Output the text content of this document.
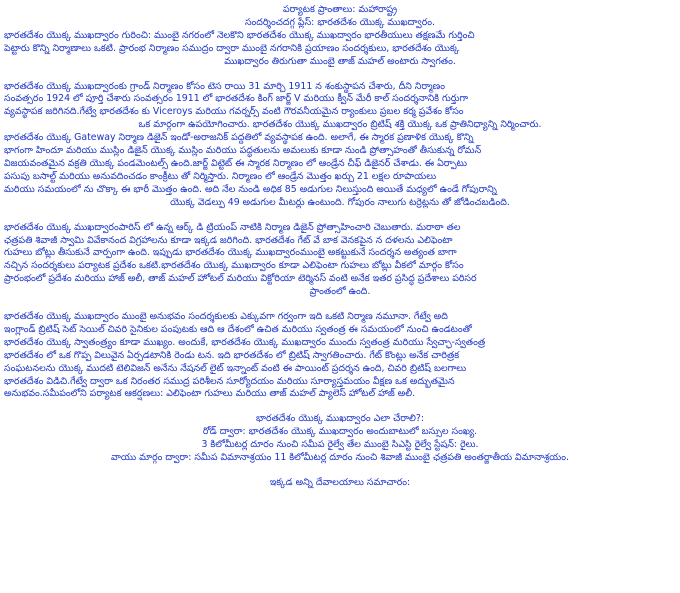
పర్యాటక ప్రాంతాలు: మహారాష్ట్ర

సందర్శించదగ్గ ప్లేస్: భారతదేశం యొక్క ముఖద్వారం.

భారతదేశం యొక్క ముఖద్వారం గురించి: ముంబై నగరంలో నెలకొని భారతదేశం యొక్క ముఖద్వారం భారతీయులు తక్షణమే గుర్తించి

పెట్టారు కొన్ని నిర్మాణాలు ఒకటి. ప్రారంభ నిర్మాణం సముద్రం ద్వారా ముంబై నగరానికి ప్రయాణం సందర్శకులు, భారతదేశం యొక్క

ముఖద్వారం తిరుగుతా ముంబై తాజ్ మహల్ అంటారు స్వాగతం.

భారతదేశం యొక్క ముఖద్వారంకు గ్రాండ్ నిర్మాణం కోసం టెస రాయి 31 మార్చి 1911 న శంకుస్థాపన చేశారు, దీని నిర్మాణం

సంవత్సరం 1924 లో పూర్తి చేశారు సంవత్సరం 1911 లో భారతదేశం కింగ్ జార్జ్ V మరియు క్వీన్ మేరీ కాల్ సందర్శనానికి గుర్తుగా

వ్యవస్థాపక జరిగినది.గేట్వే భారతదేశం కు Viceroys మరియు గవర్నర్స్ వంటి గౌరవనీయమైన ర్యాంకులు ప్రబల కర్మ ప్రవేశం కోసం

ఒక మార్గంగా ఉపయోగించారు. భారతదేశం యొక్క ముఖద్వారం బ్రిటిష్ శక్తి యొక్క ఒక ప్రాతినిధ్యాన్ని నిర్మించారు.

భారతదేశం యొక్క Gateway నిర్మాణ డిజైన్ ఇండో-అరాజనిక్ పద్దతిలో వ్యవస్థాపక ఉంది. అలాగే, ఈ స్మారక ప్రణాళిక యొక్క కొన్ని

భాగంగా హిందూ మరియు ముస్లిం డిజైన్ యొక్క ముస్లిం మరియు పద్ధతులను అమలుకు కూడా నుండి ప్రోత్సాహంతో తీసుకున్న రోమన్

విజయవంతమైన వక్రతి యొక్క పండమెంటల్స్ ఉంది.జార్జ్ విట్టెట్ ఈ స్మారక నిర్మాణం లో ఆండ్రేన చీఫ్ డిజైనర్ చేశాడు. ఈ ఏర్పాటు

పసుపు బసాల్ట్ మరియు అనువదించడం కాంక్రీటు తో నిర్మిస్తారు. నిర్మాణం లో ఆండ్రేన మొత్తం ఖర్చు 21 లక్షల రూపాయలు

మరియు సమయంలో ను చొక్కా ఈ భారీ మొత్తం ఉంది. అది నేల నుండి అధిక 85 అడుగుల నిలుస్తుంది అయితే మధ్యలో ఉండే గోపురాన్ని

యొక్క వెడల్పు 49 అడుగుల మీటర్లు ఉంటుంది. గోపురం నాలుగు టర్రెట్లను తో జోడించబడింది.

భారతదేశం యొక్క ముఖద్వారంపారిస్ లో ఉన్న ఆర్క్ డి ట్రియంప్ నాటికి నిర్మాణ డిజైన్ ప్రోత్సాహించారి చెబుతారు. మరాఠా తల

ఛత్రపతి శివాజీ స్వామి వివేకానంద విగ్రహాలను కూడా ఇక్కడ జరిగింది. భారతదేశం గేట్ వే బాక వెనకపైన న దళలను ఎలిఫెంటా

గుహలు బోట్లు తీసుకునే వార్పంగా ఉంది. ఇప్పుడు భారతదేశం యొక్క ముఖద్వారంముంబై అకట్టుకునే సందర్శన అత్యంత బాగా

నచ్చిన సందర్శకులు పర్యాటక ప్రదేశం ఒకటి.భారతదేశం యొక్క ముఖద్వారం కూడా ఎలిఫెంటా గుహలు బోట్లు వీకలో మార్గం కోసం

ప్రారంభంలో ప్రదేశం మరియు హాజ్ అలీ, తాజ్ మహల్ హోటల్ మరియు విక్టోరియా టెర్మినస్ వంటి అనేక ఇతర ప్రసిద్ధ ప్రదేశాలు పరిసర

ప్రాంతంలో ఉంది.

భారతదేశం యొక్క ముఖద్వారం ముంబై అనుభవం సందర్శకులకు ఎక్కువగా గర్వంగా ఇది ఒకటి నిర్మాణ నమూనా. గేట్వే అది

ఇంగ్లాండ్ బ్రిటిష్ సెట్ సెయిల్ చివరి సైనికుల పంపుటకు ఆది ఆ దేశంలో ఉచిత మరియు స్వతంత్ర ఈ సమయంలో నుంచి ఉండటంతో

భారతదేశం యొక్క స్వాతంత్ర్యం కూడా ముఖ్యం. అందుకే, భారతదేశం యొక్క ముఖద్వారం ముందు స్వతంత్ర మరియు స్వేచ్ఛా-స్వతంత్ర

భారతదేశం లో ఒక గొప్ప విలువైన ఏర్పడటానికి రెండు టన. ఇది భారతదేశం లో బ్రిటిష్ స్వాగతించారు. గేట్ కొంట్లు అనేక చారిత్రక

సంఘటనలను యొక్క ముదటి టెలివిజన్ అనేను నేషనల్ లైట్ ఇన్నాంట్ వంటి ఈ పాయింట్ ప్రదర్శన ఉంది, చివరి బ్రిటిష్ బలగాలు

భారతదేశం విడిచి.గేట్వే ద్వారా ఒక నిరంతర సముద్ర పరిశీలన సూర్యోదయం మరియు సూర్యాస్తమయం వీక్షణ ఒక అద్భుతమైన

అనుభవం.సమీపంలోని పర్యాటక ఆకర్షణలు: ఎలిఫెంటా గుహలు మరియు తాజ్ మహల్ ప్యాలెస్ హోటల్ హాజ్ అలీ.

భారతదేశం యొక్క ముఖద్వారం ఎలా చేరాలి?:

రోడ్ ద్వారా: భారతదేశం యొక్క ముఖద్వారం అందుబాటులో బస్సుల సంఖ్య.

3 కిలోమీటర్ల దూరం నుంచి సమీప రైల్వే తేల ముంబై సిఎస్టి రైల్వే స్టేషన్: రైలు.

వాయు మార్గం ద్వారా: సమీప విమానాశ్రయం 11 కిలోమీటర్ల దూరం నుంచి శివాజీ ముంబై ఛత్రపతి అంతర్జాతీయ విమానాశ్రయం.

ఇక్కడ అన్ని దేవాలయాలు సమాచారం:
